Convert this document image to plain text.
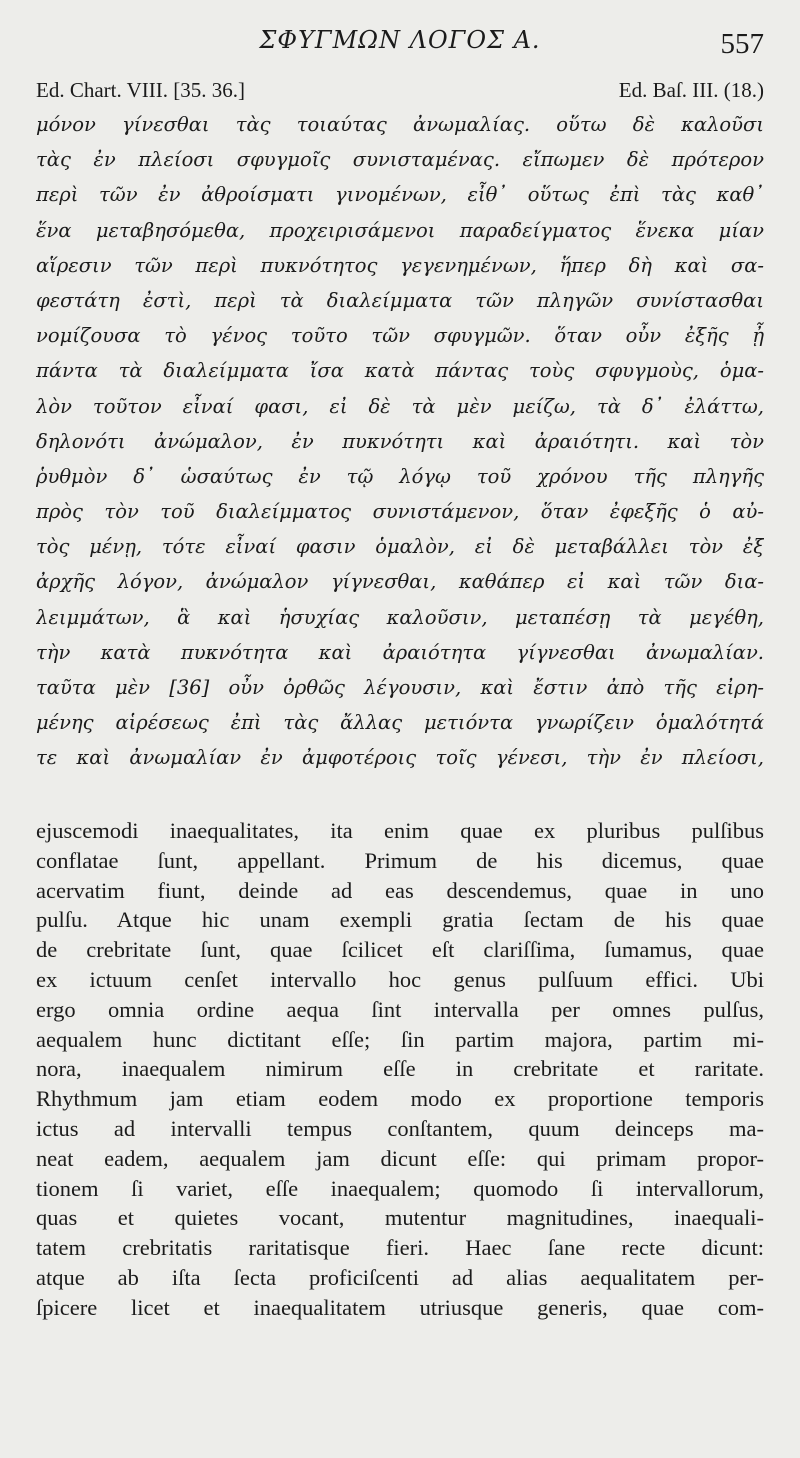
ΣΦΥΓΜΩΝ ΛΟΓΟΣ Α.	557
Ed. Chart. VIII. [35. 36.]	Ed. Baſ. III. (18.)
μόνον γίνεσθαι τὰς τοιαύτας ἀνωμαλίας. οὕτω δὲ καλοῦσι
τὰς ἐν πλείοσι σφυγμοῖς συνισταμένας. εἴπωμεν δὲ πρότερον
περὶ τῶν ἐν ἀθροίσματι γινομένων, εἶθ᾽ οὕτως ἐπὶ τὰς καθ᾽
ἕνα μεταβησόμεθα, προχειρισάμενοι παραδείγματος ἕνεκα μίαν
αἵρεσιν τῶν περὶ πυκνότητος γεγενημένων, ἥπερ δὴ καὶ σα-
φεστάτη ἐστὶ, περὶ τὰ διαλείμματα τῶν πληγῶν συνίστασθαι
νομίζουσα τὸ γένος τοῦτο τῶν σφυγμῶν. ὅταν οὖν ἐξῆς ᾖ
πάντα τὰ διαλείμματα ἴσα κατὰ πάντας τοὺς σφυγμοὺς, ὁμα-
λὸν τοῦτον εἶναί φασι, εἰ δὲ τὰ μὲν μείζω, τὰ δ᾽ ἐλάττω,
δηλονότι ἀνώμαλον, ἐν πυκνότητι καὶ ἀραιότητι. καὶ τὸν
ῥυθμὸν δ᾽ ὡσαύτως ἐν τῷ λόγῳ τοῦ χρόνου τῆς πληγῆς
πρὸς τὸν τοῦ διαλείμματος συνιστάμενον, ὅταν ἐφεξῆς ὁ αὐ-
τὸς μένῃ, τότε εἶναί φασιν ὁμαλὸν, εἰ δὲ μεταβάλλει τὸν ἐξ
ἀρχῆς λόγον, ἀνώμαλον γίγνεσθαι, καθάπερ εἰ καὶ τῶν δια-
λειμμάτων, ἃ καὶ ἡσυχίας καλοῦσιν, μεταπέσῃ τὰ μεγέθη,
τὴν κατὰ πυκνότητα καὶ ἀραιότητα γίγνεσθαι ἀνωμαλίαν.
ταῦτα μὲν [36] οὖν ὀρθῶς λέγουσιν, καὶ ἔστιν ἀπὸ τῆς εἰρη-
μένης αἱρέσεως ἐπὶ τὰς ἄλλας μετιόντα γνωρίζειν ὁμαλότητά
τε καὶ ἀνωμαλίαν ἐν ἀμφοτέροις τοῖς γένεσι, τὴν ἐν πλείοσι,
ejuscemodi inaequalitates, ita enim quae ex pluribus pulſibus
conflatae ſunt, appellant. Primum de his dicemus, quae
acervatim fiunt, deinde ad eas descendemus, quae in uno
pulſu. Atque hic unam exempli gratia ſectam de his quae
de crebritate ſunt, quae ſcilicet eſt clariſſima, ſumamus, quae
ex ictuum cenſet intervallo hoc genus pulſuum effici. Ubi
ergo omnia ordine aequa ſint intervalla per omnes pulſus,
aequalem hunc dictitant eſſe; ſin partim majora, partim mi-
nora, inaequalem nimirum eſſe in crebritate et raritate.
Rhythmum jam etiam eodem modo ex proportione temporis
ictus ad intervalli tempus conſtantem, quum deinceps ma-
neat eadem, aequalem jam dicunt eſſe: qui primam propor-
tionem ſi variet, eſſe inaequalem; quomodo ſi intervallorum,
quas et quietes vocant, mutentur magnitudines, inaequali-
tatem crebritatis raritatisque fieri. Haec ſane recte dicunt:
atque ab iſta ſecta proficiſcenti ad alias aequalitatem per-
ſpicere licet et inaequalitatem utriusque generis, quae com-
